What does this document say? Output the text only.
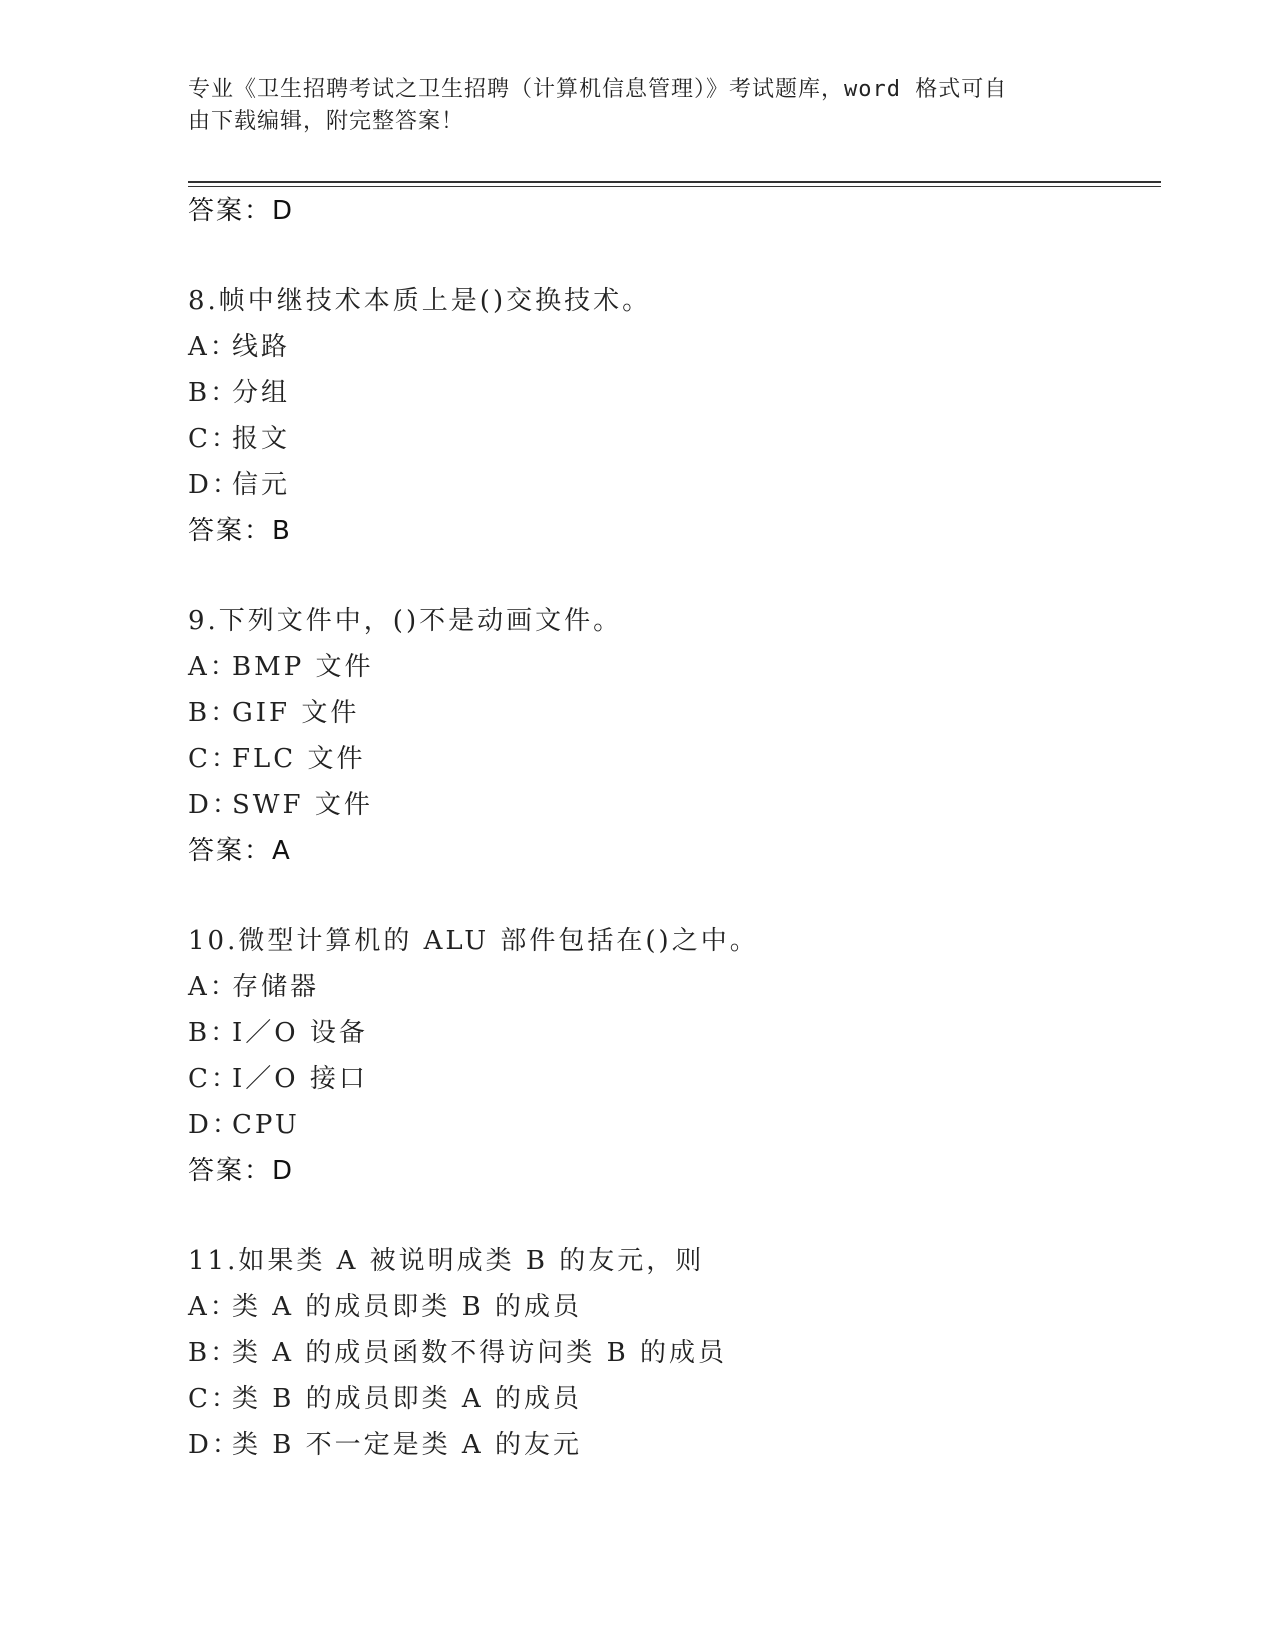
专业《卫生招聘考试之卫生招聘（计算机信息管理）》考试题库，word 格式可自
由下载编辑，附完整答案！
答案：D
8.帧中继技术本质上是()交换技术。
A：线路
B：分组
C：报文
D：信元
答案：B
9.下列文件中，()不是动画文件。
A：BMP 文件
B：GIF 文件
C：FLC 文件
D：SWF 文件
答案：A
10.微型计算机的 ALU 部件包括在()之中。
A：存储器
B：I／O 设备
C：I／O 接口
D：CPU
答案：D
11.如果类 A 被说明成类 B 的友元，则
A：类 A 的成员即类 B 的成员
B：类 A 的成员函数不得访问类 B 的成员
C：类 B 的成员即类 A 的成员
D：类 B 不一定是类 A 的友元
